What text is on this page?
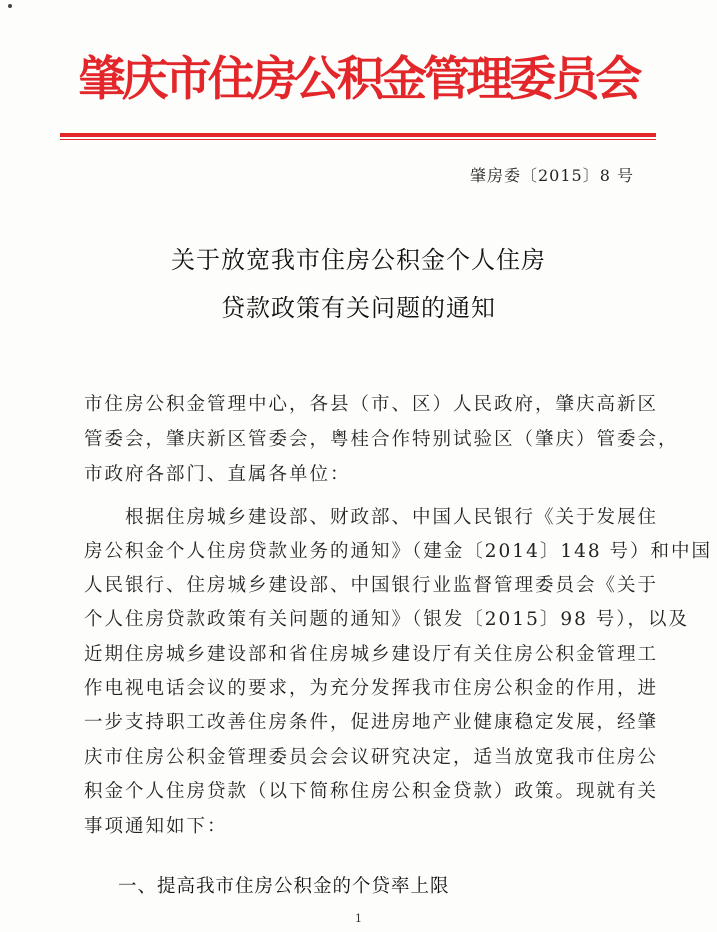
肇庆市住房公积金管理委员会
肇房委〔2015〕8 号
关于放宽我市住房公积金个人住房
贷款政策有关问题的通知
市住房公积金管理中心，各县（市、区）人民政府，肇庆高新区
管委会，肇庆新区管委会，粤桂合作特别试验区（肇庆）管委会，
市政府各部门、直属各单位：
　　根据住房城乡建设部、财政部、中国人民银行《关于发展住
房公积金个人住房贷款业务的通知》（建金〔2014〕148 号）和中国
人民银行、住房城乡建设部、中国银行业监督管理委员会《关于
个人住房贷款政策有关问题的通知》（银发〔2015〕98 号），以及
近期住房城乡建设部和省住房城乡建设厅有关住房公积金管理工
作电视电话会议的要求，为充分发挥我市住房公积金的作用，进
一步支持职工改善住房条件，促进房地产业健康稳定发展，经肇
庆市住房公积金管理委员会会议研究决定，适当放宽我市住房公
积金个人住房贷款（以下简称住房公积金贷款）政策。现就有关
事项通知如下：
一、提高我市住房公积金的个贷率上限
1
